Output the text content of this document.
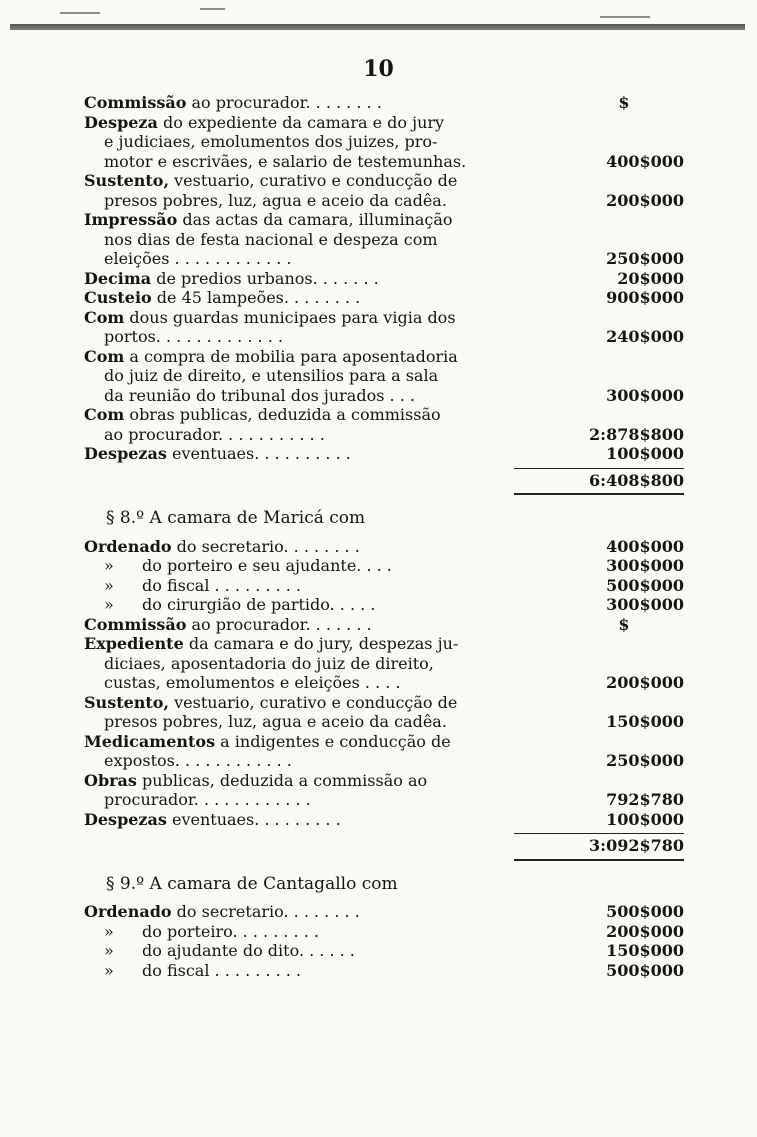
10
Commissão ao procurador. . . . . . . .	$
Despeza do expediente da camara e do jury
e judiciaes, emolumentos dos juizes, pro-
motor e escrivães, e salario de testemunhas.	400$000
Sustento, vestuario, curativo e conducção de
presos pobres, luz, agua e aceio da cadêa.	200$000
Impressão das actas da camara, illuminação
nos dias de festa nacional e despeza com
eleições . . . . . . . . . . . .	250$000
Decima de predios urbanos. . . . . . .	20$000
Custeio de 45 lampeões. . . . . . . .	900$000
Com dous guardas municipaes para vigia dos
portos. . . . . . . . . . . . .	240$000
Com a compra de mobilia para aposentadoria
do juiz de direito, e utensilios para a sala
da reunião do tribunal dos jurados . . .	300$000
Com obras publicas, deduzida a commissão
ao procurador. . . . . . . . . . .	2:878$800
Despezas eventuaes. . . . . . . . . .	100$000
6:408$800
§ 8.º A camara de Maricá com
Ordenado do secretario. . . . . . . .	400$000
» do porteiro e seu ajudante. . . .	300$000
» do fiscal . . . . . . . . .	500$000
» do cirurgião de partido. . . . .	300$000
Commissão ao procurador. . . . . . .	$
Expediente da camara e do jury, despezas ju-
diciaes, aposentadoria do juiz de direito,
custas, emolumentos e eleições . . . .	200$000
Sustento, vestuario, curativo e conducção de
presos pobres, luz, agua e aceio da cadêa.	150$000
Medicamentos a indigentes e conducção de
expostos. . . . . . . . . . . .	250$000
Obras publicas, deduzida a commissão ao
procurador. . . . . . . . . . . .	792$780
Despezas eventuaes. . . . . . . . .	100$000
3:092$780
§ 9.º A camara de Cantagallo com
Ordenado do secretario. . . . . . . .	500$000
» do porteiro. . . . . . . . .	200$000
» do ajudante do dito. . . . . .	150$000
» do fiscal . . . . . . . . .	500$000
